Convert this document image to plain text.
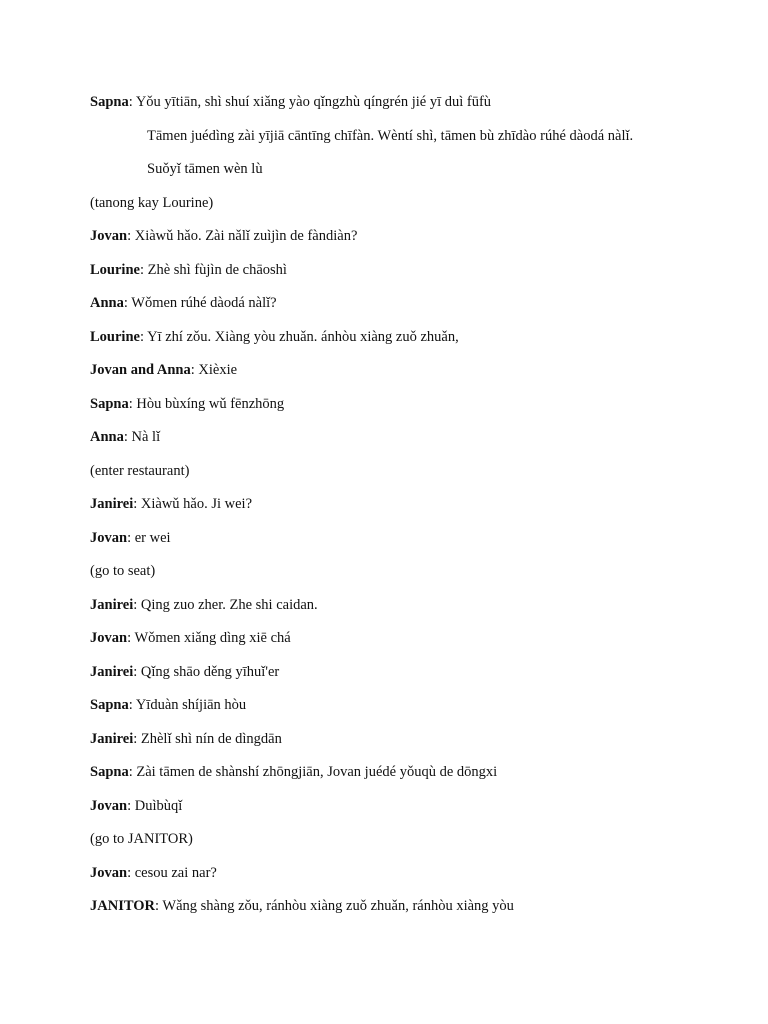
Sapna: Yǒu yītiān, shì shuí xiǎng yào qǐngzhù qíngrén jié yī duì fūfù
Tāmen juédìng zài yījiā cāntīng chīfàn. Wèntí shì, tāmen bù zhīdào rúhé dàodá nàlǐ.
Suǒyǐ tāmen wèn lù
(tanong kay Lourine)
Jovan: Xiàwǔ hǎo. Zài nǎlǐ zuìjìn de fàndiàn?
Lourine: Zhè shì fùjìn de chāoshì
Anna: Wǒmen rúhé dàodá nàlǐ?
Lourine: Yī zhí zǒu. Xiàng yòu zhuǎn. ánhòu xiàng zuǒ zhuǎn,
Jovan and Anna: Xièxie
Sapna: Hòu bùxíng wǔ fēnzhōng
Anna: Nà lǐ
(enter restaurant)
Janirei: Xiàwǔ hǎo. Ji wei?
Jovan: er wei
(go to seat)
Janirei: Qing zuo zher. Zhe shi caidan.
Jovan: Wǒmen xiǎng dìng xiē chá
Janirei: Qǐng shāo děng yīhuǐ'er
Sapna: Yīduàn shíjiān hòu
Janirei: Zhèlǐ shì nín de dìngdān
Sapna: Zài tāmen de shànshí zhōngjiān, Jovan juédé yǒuqù de dōngxi
Jovan: Duìbùqǐ
(go to JANITOR)
Jovan: cesou zai nar?
JANITOR: Wǎng shàng zǒu, ránhòu xiàng zuǒ zhuǎn, ránhòu xiàng yòu
